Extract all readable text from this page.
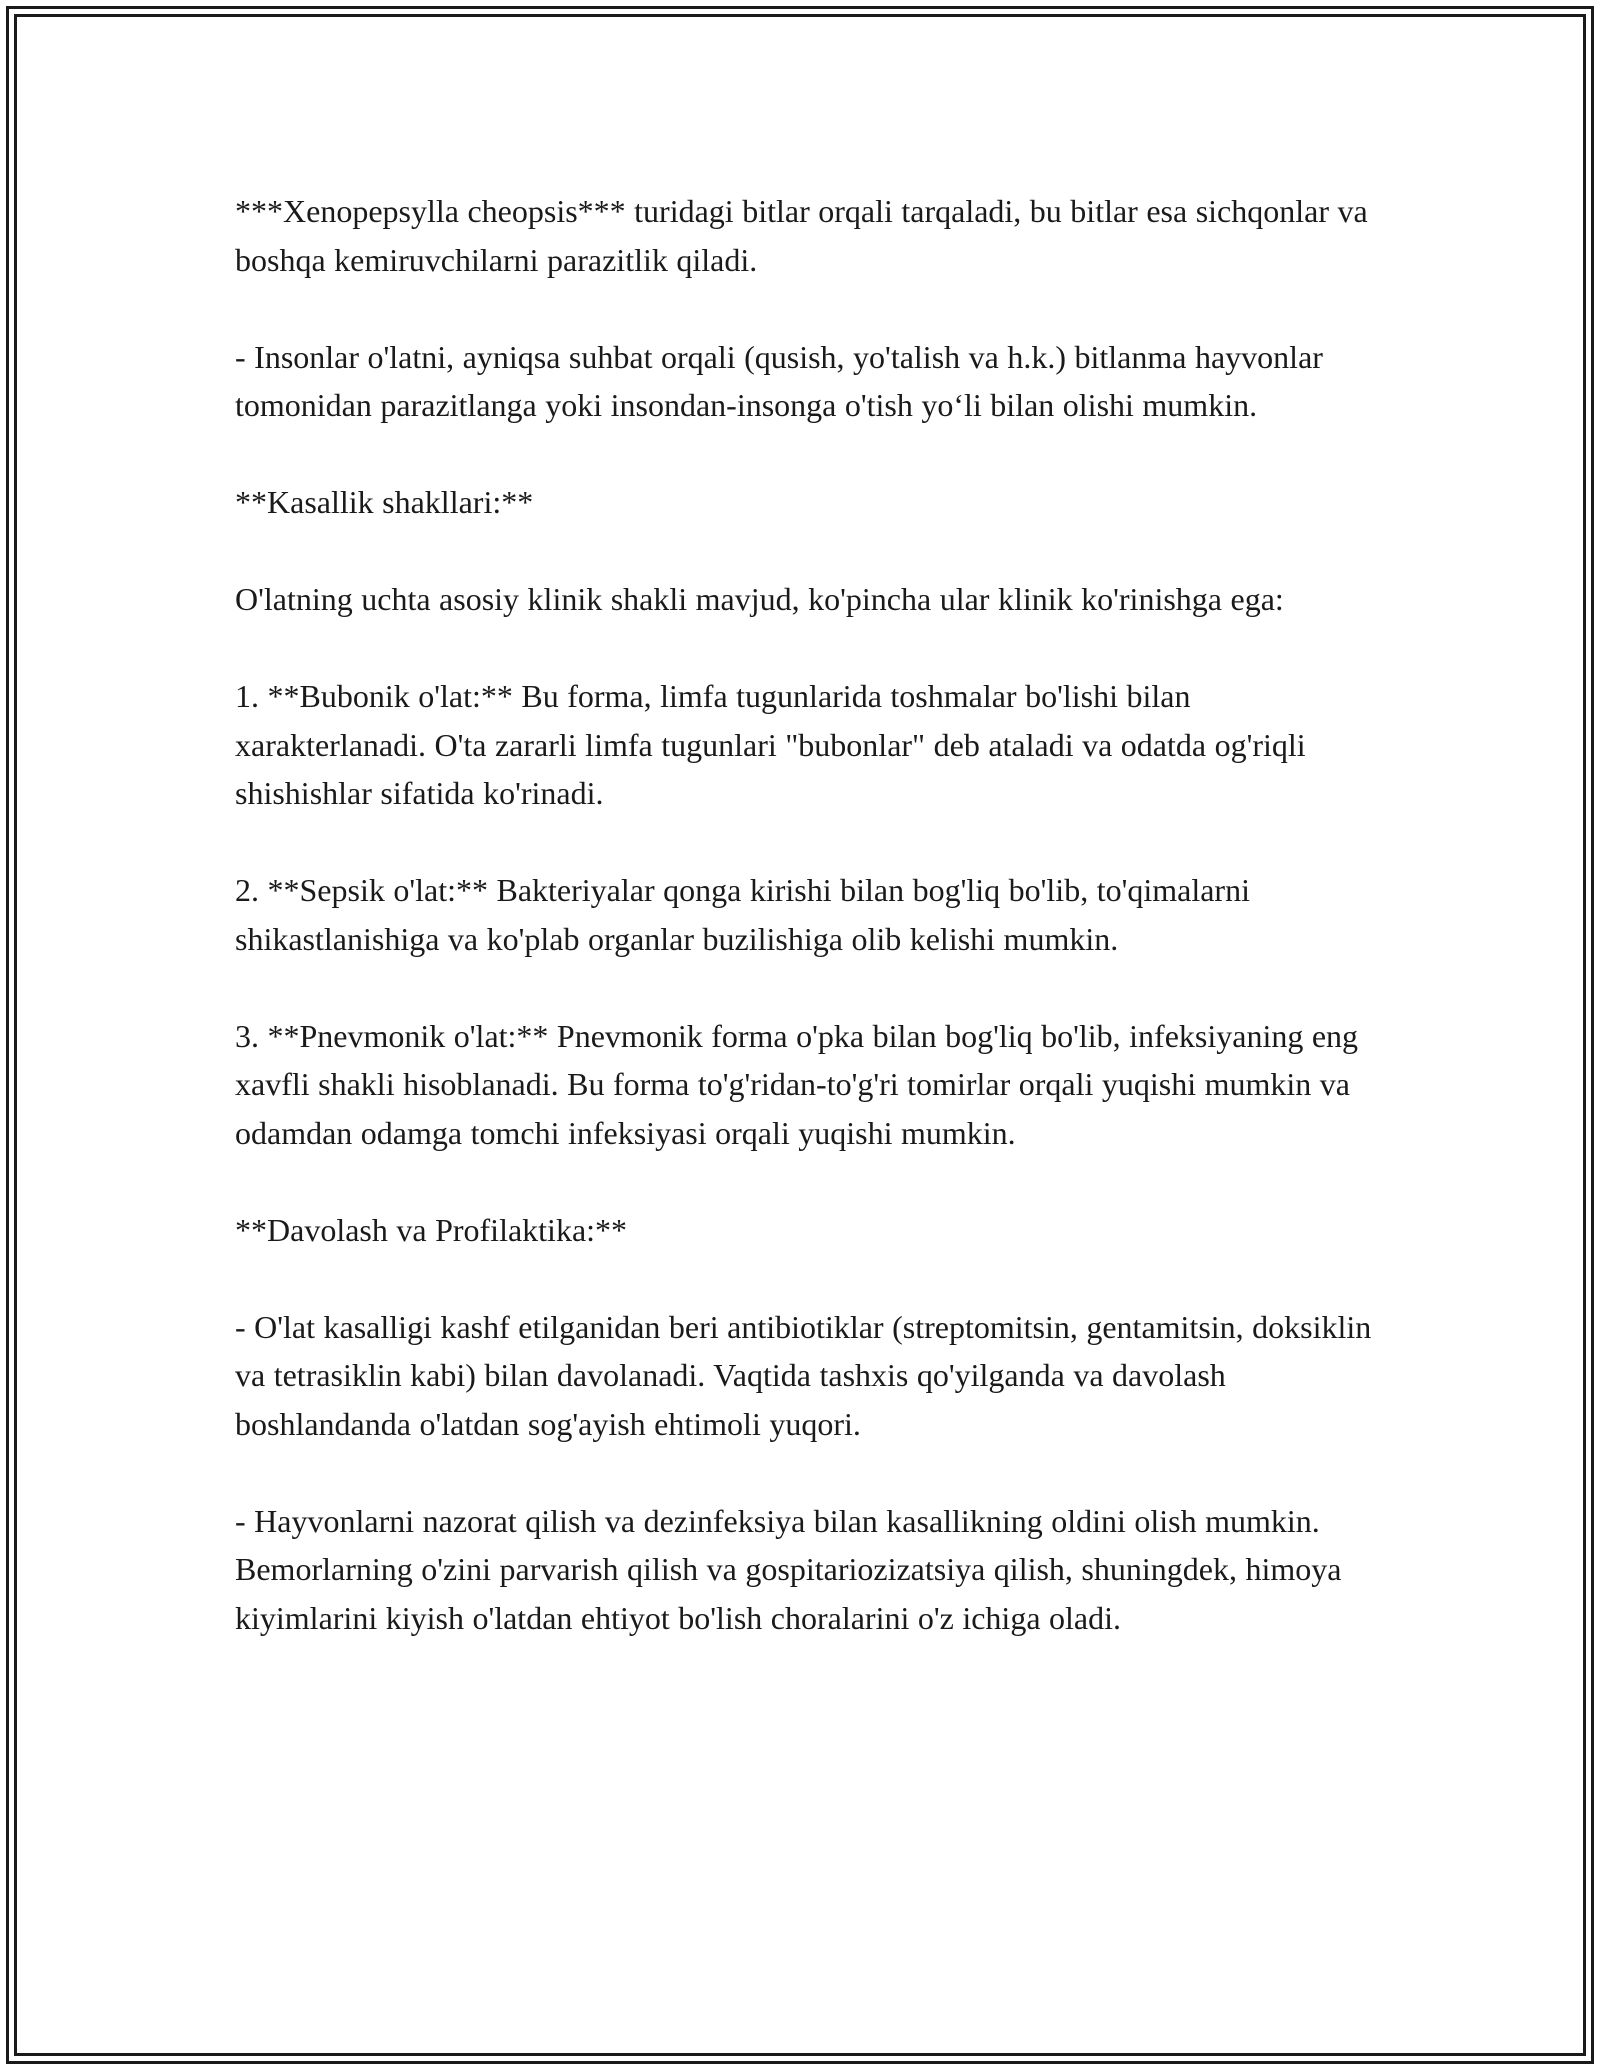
***Xenopepsylla cheopsis*** turidagi bitlar orqali tarqaladi, bu bitlar esa sichqonlar va boshqa kemiruvchilarni parazitlik qiladi.

- Insonlar o'latni, ayniqsa suhbat orqali (qusish, yo'talish va h.k.) bitlanma hayvonlar tomonidan parazitlanga yoki insondan-insonga o'tish yo‘li bilan olishi mumkin.

**Kasallik shakllari:**

O'latning uchta asosiy klinik shakli mavjud, ko'pincha ular klinik ko'rinishga ega:

1. **Bubonik o'lat:** Bu forma, limfa tugunlarida toshmalar bo'lishi bilan xarakterlanadi. O'ta zararli limfa tugunlari "bubonlar" deb ataladi va odatda og'riqli shishishlar sifatida ko'rinadi.

2. **Sepsik o'lat:** Bakteriyalar qonga kirishi bilan bog'liq bo'lib, to'qimalarni shikastlanishiga va ko'plab organlar buzilishiga olib kelishi mumkin.

3. **Pnevmonik o'lat:** Pnevmonik forma o'pka bilan bog'liq bo'lib, infeksiyaning eng xavfli shakli hisoblanadi. Bu forma to'g'ridan-to'g'ri tomirlar orqali yuqishi mumkin va odamdan odamga tomchi infeksiyasi orqali yuqishi mumkin.

**Davolash va Profilaktika:**

- O'lat kasalligi kashf etilganidan beri antibiotiklar (streptomitsin, gentamitsin, doksiklin va tetrasiklin kabi) bilan davolanadi. Vaqtida tashxis qo'yilganda va davolash boshlandanda o'latdan sog'ayish ehtimoli yuqori.

- Hayvonlarni nazorat qilish va dezinfeksiya bilan kasallikning oldini olish mumkin. Bemorlarning o'zini parvarish qilish va gospitariozizatsiya qilish, shuningdek, himoya kiyimlarini kiyish o'latdan ehtiyot bo'lish choralarini o'z ichiga oladi.
